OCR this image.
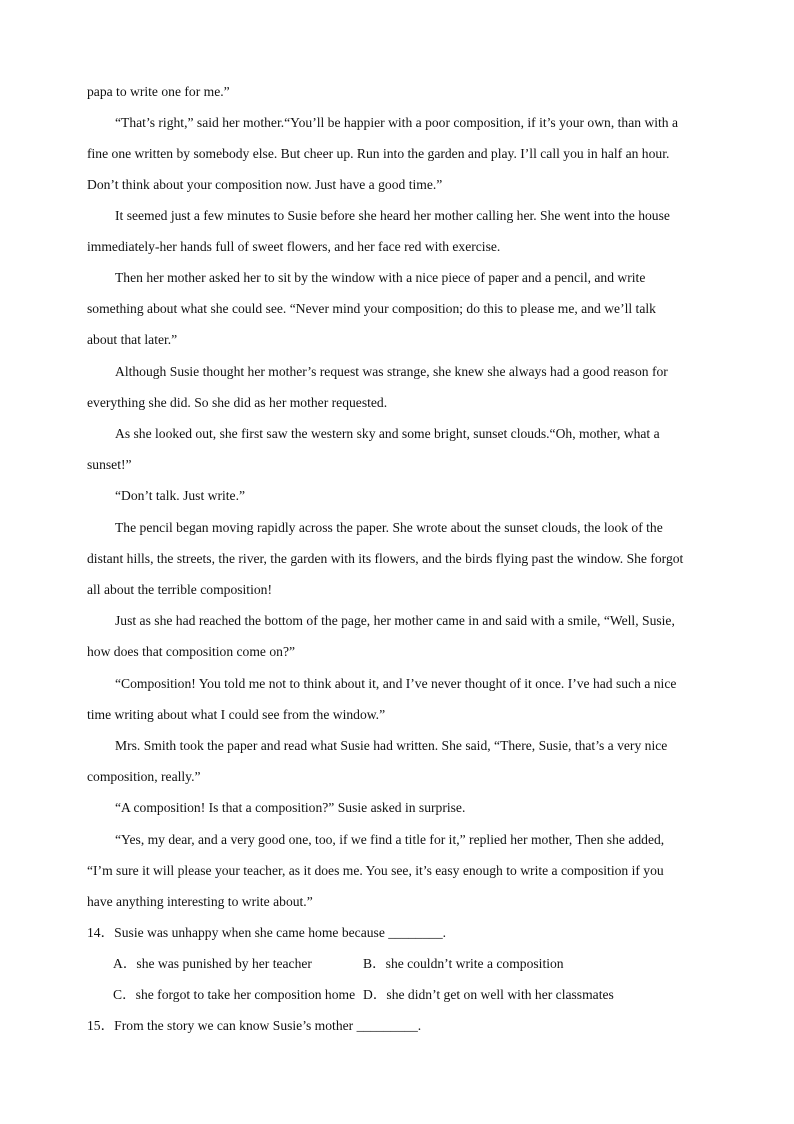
papa to write one for me.”
“That’s right,” said her mother.“You’ll be happier with a poor composition, if it’s your own, than with a
fine one written by somebody else. But cheer up. Run into the garden and play. I’ll call you in half an hour.
Don’t think about your composition now. Just have a good time.”
It seemed just a few minutes to Susie before she heard her mother calling her. She went into the house
immediately-her hands full of sweet flowers, and her face red with exercise.
Then her mother asked her to sit by the window with a nice piece of paper and a pencil, and write
something about what she could see. “Never mind your composition; do this to please me, and we’ll talk
about that later.”
Although Susie thought her mother’s request was strange, she knew she always had a good reason for
everything she did. So she did as her mother requested.
As she looked out, she first saw the western sky and some bright, sunset clouds.“Oh, mother, what a
sunset!”
“Don’t talk. Just write.”
The pencil began moving rapidly across the paper. She wrote about the sunset clouds, the look of the
distant hills, the streets, the river, the garden with its flowers, and the birds flying past the window. She forgot
all about the terrible composition!
Just as she had reached the bottom of the page, her mother came in and said with a smile, “Well, Susie,
how does that composition come on?”
“Composition! You told me not to think about it, and I’ve never thought of it once. I’ve had such a nice
time writing about what I could see from the window.”
Mrs. Smith took the paper and read what Susie had written. She said, “There, Susie, that’s a very nice
composition, really.”
“A composition! Is that a composition?” Susie asked in surprise.
“Yes, my dear, and a very good one, too, if we find a title for it,” replied her mother, Then she added,
“I’m sure it will please your teacher, as it does me. You see, it’s easy enough to write a composition if you
have anything interesting to write about.”
14．Susie was unhappy when she came home because ________.
A．she was punished by her teacher	B．she couldn’t write a composition
C．she forgot to take her composition home D．she didn’t get on well with her classmates
15．From the story we can know Susie’s mother _________.
